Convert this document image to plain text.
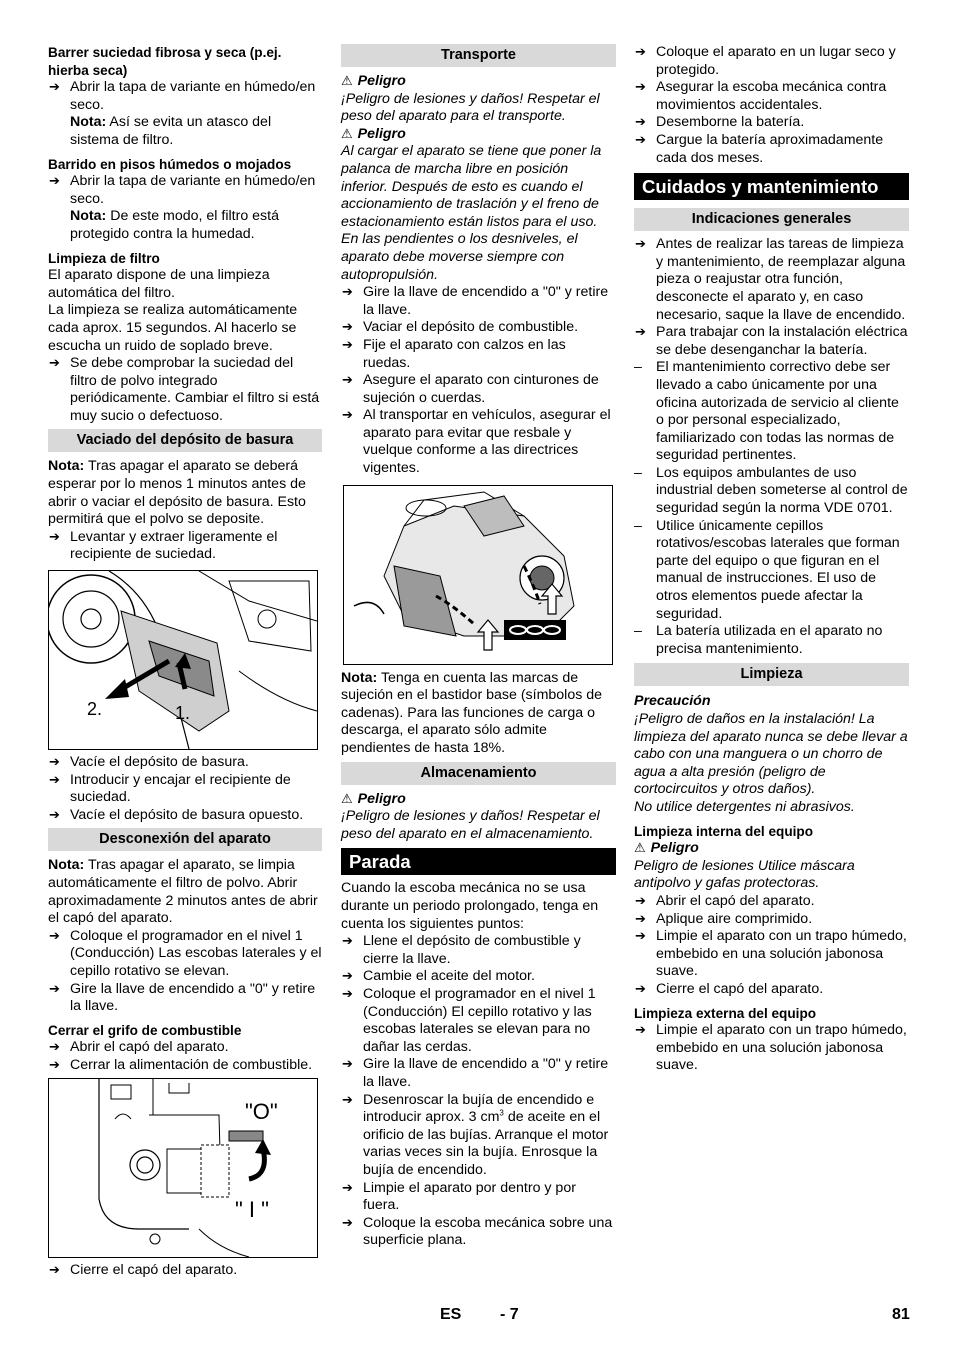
Barrer suciedad fibrosa y seca (p.ej. hierba seca)

➔ Abrir la tapa de variante en húmedo/en seco.

Nota: Así se evita un atasco del sistema de filtro.

Barrido en pisos húmedos o mojados

➔ Abrir la tapa de variante en húmedo/en seco.

Nota: De este modo, el filtro está protegido contra la humedad.

Limpieza de filtro

El aparato dispone de una limpieza automática del filtro.

La limpieza se realiza automáticamente cada aprox. 15 segundos. Al hacerlo se escucha un ruido de soplado breve.

➔ Se debe comprobar la suciedad del filtro de polvo integrado periódicamente. Cambiar el filtro si está muy sucio o defectuoso.

Vaciado del depósito de basura

Nota: Tras apagar el aparato se deberá esperar por lo menos 1 minutos antes de abrir o vaciar el depósito de basura. Esto permitirá que el polvo se deposite.

➔ Levantar y extraer ligeramente el recipiente de suciedad.

2.	1.

➔ Vacíe el depósito de basura.

➔ Introducir y encajar el recipiente de suciedad.

➔ Vacíe el depósito de basura opuesto.

Desconexión del aparato

Nota: Tras apagar el aparato, se limpia automáticamente el filtro de polvo. Abrir aproximadamente 2 minutos antes de abrir el capó del aparato.

➔ Coloque el programador en el nivel 1 (Conducción) Las escobas laterales y el cepillo rotativo se elevan.

➔ Gire la llave de encendido a "0" y retire la llave.

Cerrar el grifo de combustible

➔ Abrir el capó del aparato.

➔ Cerrar la alimentación de combustible.

"O"
" I "

➔ Cierre el capó del aparato.

Transporte

⚠ Peligro

¡Peligro de lesiones y daños! Respetar el peso del aparato para el transporte.

⚠ Peligro

Al cargar el aparato se tiene que poner la palanca de marcha libre en posición inferior. Después de esto es cuando el accionamiento de traslación y el freno de estacionamiento están listos para el uso. En las pendientes o los desniveles, el aparato debe moverse siempre con autopropulsión.

➔ Gire la llave de encendido a "0" y retire la llave.

➔ Vaciar el depósito de combustible.

➔ Fije el aparato con calzos en las ruedas.

➔ Asegure el aparato con cinturones de sujeción o cuerdas.

➔ Al transportar en vehículos, asegurar el aparato para evitar que resbale y vuelque conforme a las directrices vigentes.

Nota: Tenga en cuenta las marcas de sujeción en el bastidor base (símbolos de cadenas). Para las funciones de carga o descarga, el aparato sólo admite pendientes de hasta 18%.

Almacenamiento

⚠ Peligro

¡Peligro de lesiones y daños! Respetar el peso del aparato en el almacenamiento.

Parada

Cuando la escoba mecánica no se usa durante un periodo prolongado, tenga en cuenta los siguientes puntos:

➔ Llene el depósito de combustible y cierre la llave.

➔ Cambie el aceite del motor.

➔ Coloque el programador en el nivel 1 (Conducción) El cepillo rotativo y las escobas laterales se elevan para no dañar las cerdas.

➔ Gire la llave de encendido a "0" y retire la llave.

➔ Desenroscar la bujía de encendido e introducir aprox. 3 $cm^3$ de aceite en el orificio de las bujías. Arranque el motor varias veces sin la bujía. Enrosque la bujía de encendido.

➔ Limpie el aparato por dentro y por fuera.

➔ Coloque la escoba mecánica sobre una superficie plana.

➔ Coloque el aparato en un lugar seco y protegido.

➔ Asegurar la escoba mecánica contra movimientos accidentales.

➔ Desemborne la batería.

➔ Cargue la batería aproximadamente cada dos meses.

Cuidados y mantenimiento

Indicaciones generales

➔ Antes de realizar las tareas de limpieza y mantenimiento, de reemplazar alguna pieza o reajustar otra función, desconecte el aparato y, en caso necesario, saque la llave de encendido.

➔ Para trabajar con la instalación eléctrica se debe desenganchar la batería.

– El mantenimiento correctivo debe ser llevado a cabo únicamente por una oficina autorizada de servicio al cliente o por personal especializado, familiarizado con todas las normas de seguridad pertinentes.

– Los equipos ambulantes de uso industrial deben someterse al control de seguridad según la norma VDE 0701.

– Utilice únicamente cepillos rotativos/escobas laterales que forman parte del equipo o que figuran en el manual de instrucciones. El uso de otros elementos puede afectar la seguridad.

– La batería utilizada en el aparato no precisa mantenimiento.

Limpieza

Precaución

¡Peligro de daños en la instalación! La limpieza del aparato nunca se debe llevar a cabo con una manguera o un chorro de agua a alta presión (peligro de cortocircuitos y otros daños).

No utilice detergentes ni abrasivos.

Limpieza interna del equipo

⚠ Peligro

Peligro de lesiones Utilice máscara antipolvo y gafas protectoras.

➔ Abrir el capó del aparato.

➔ Aplique aire comprimido.

➔ Limpie el aparato con un trapo húmedo, embebido en una solución jabonosa suave.

➔ Cierre el capó del aparato.

Limpieza externa del equipo

➔ Limpie el aparato con un trapo húmedo, embebido en una solución jabonosa suave.

ES - 7	81
